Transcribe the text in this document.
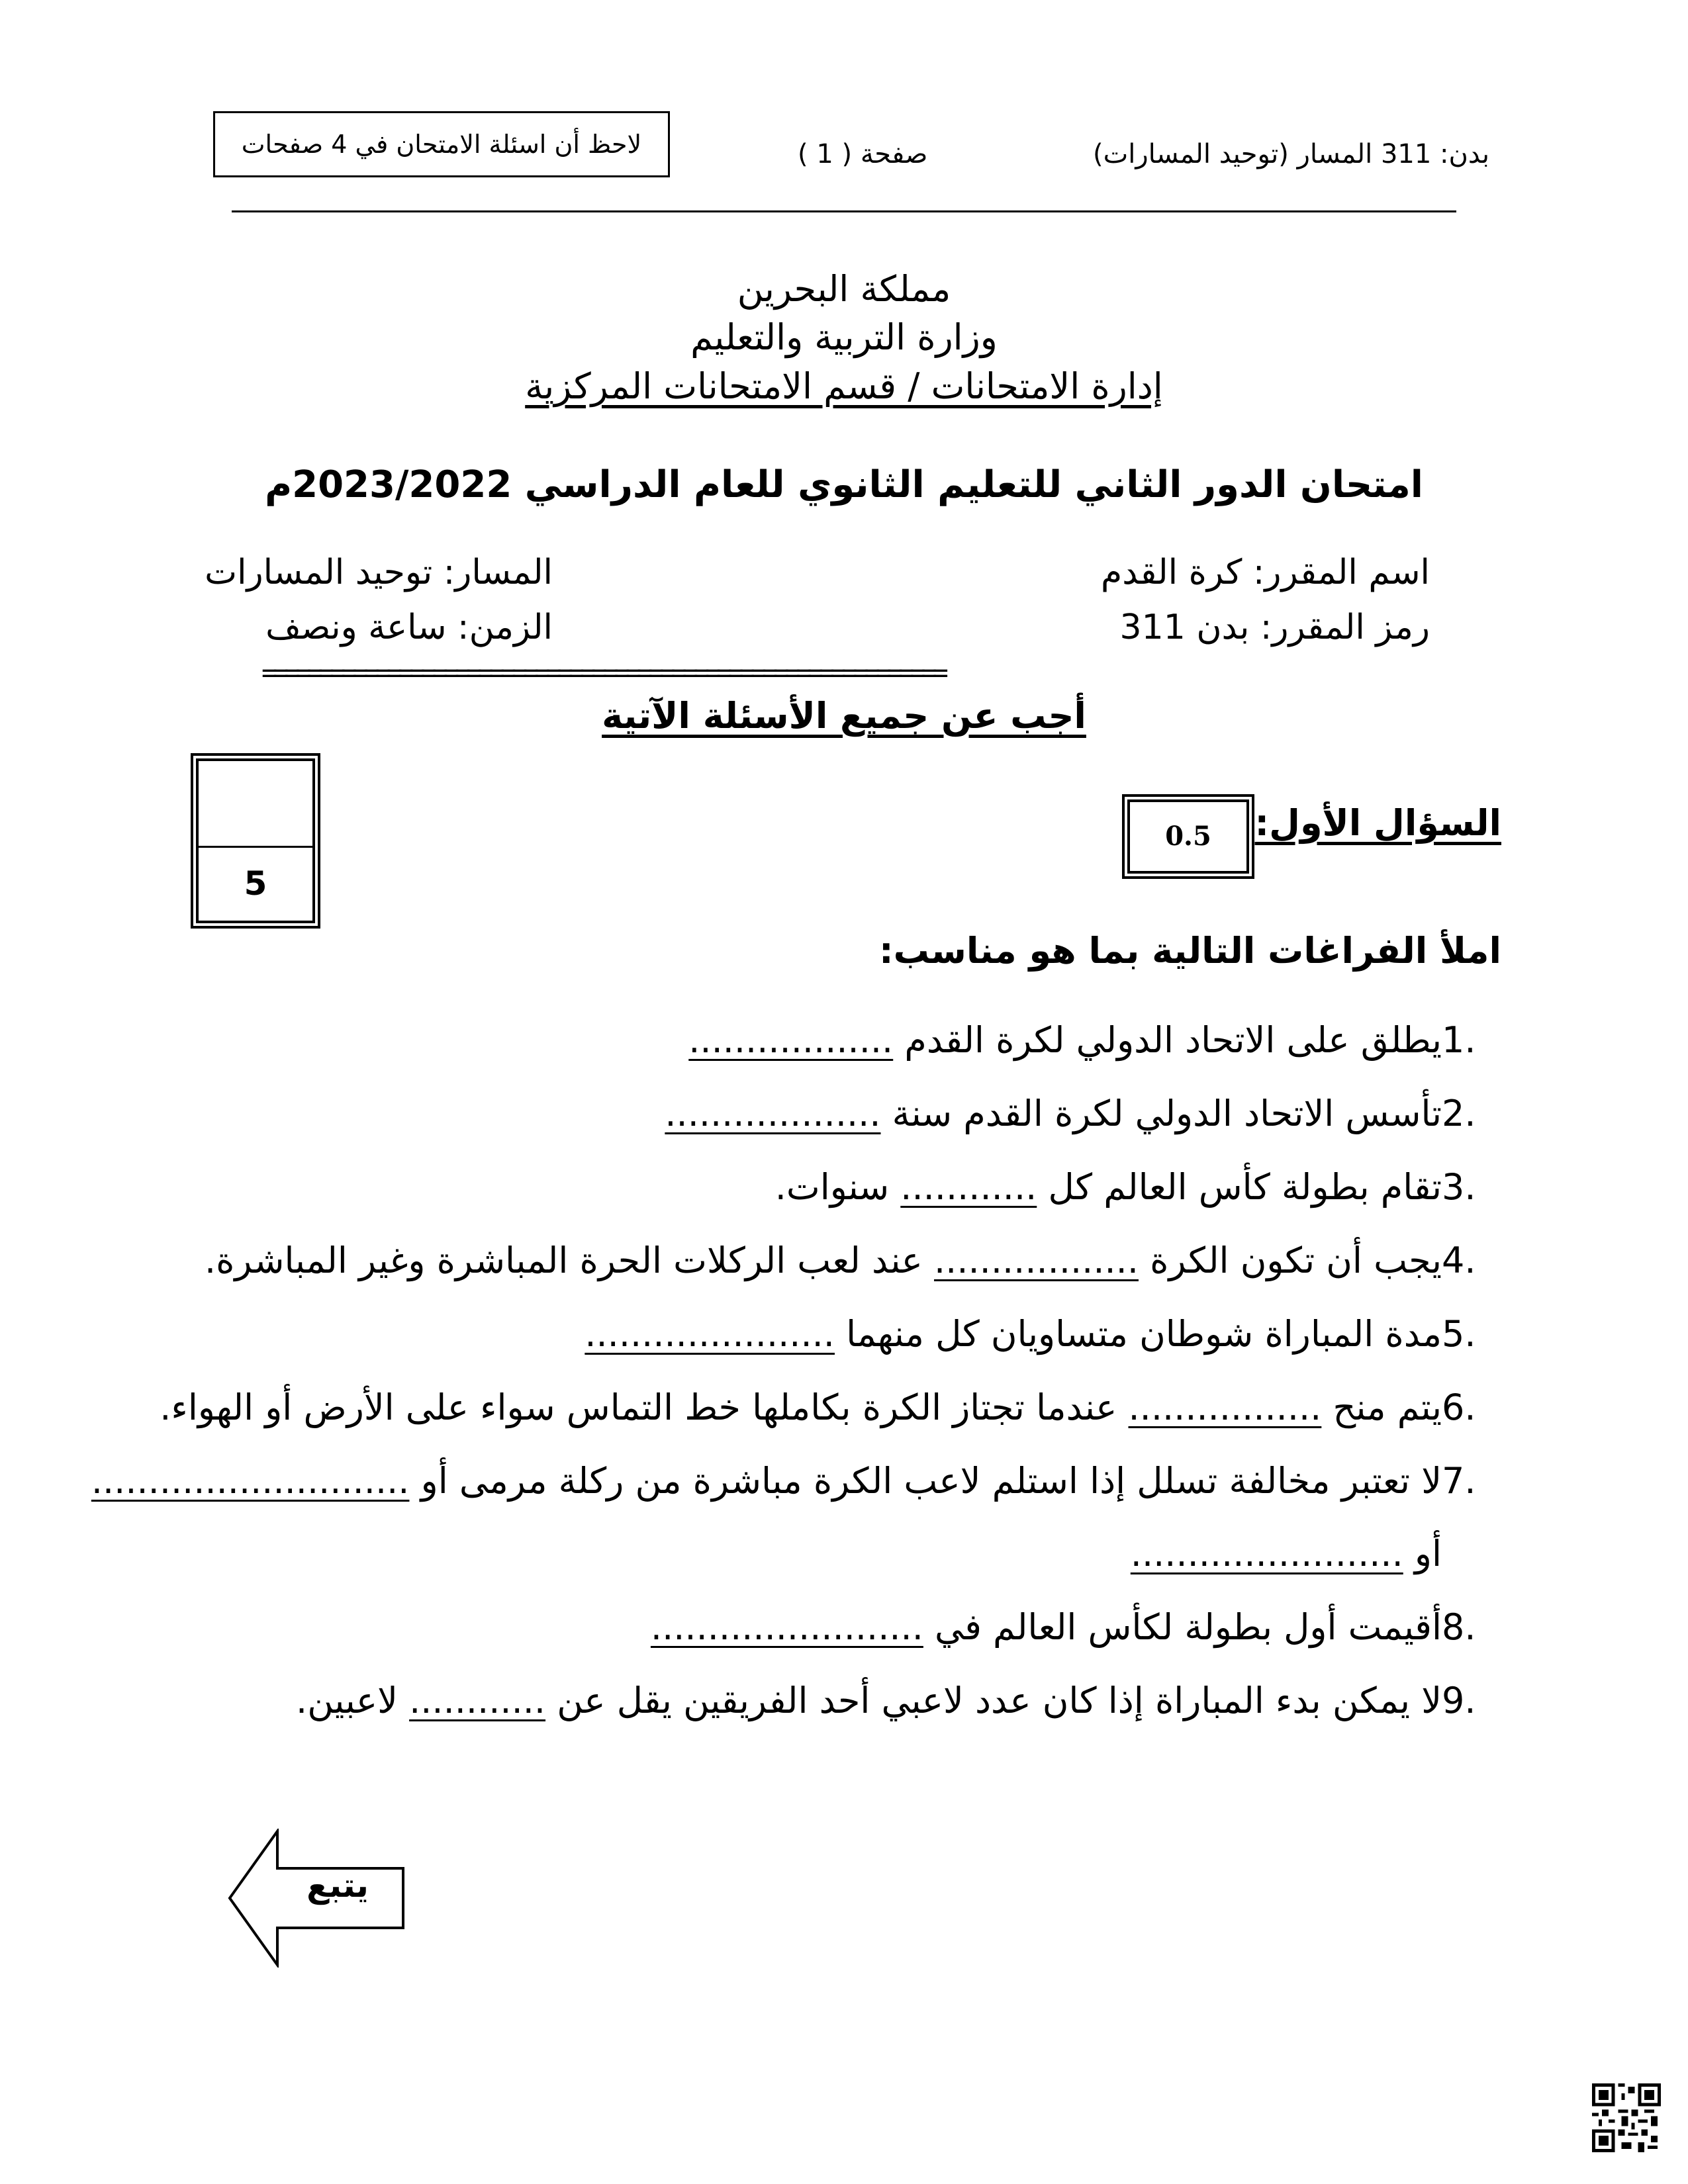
بدن: 311 المسار (توحيد المسارات)
صفحة ( 1 )
لاحظ أن اسئلة الامتحان في 4 صفحات
مملكة البحرين
وزارة التربية والتعليم
إدارة الامتحانات / قسم الامتحانات المركزية
امتحان الدور الثاني للتعليم الثانوي للعام الدراسي 2023/2022م
اسم المقرر: كرة القدم
رمز المقرر: بدن 311
المسار: توحيد المسارات
الزمن: ساعة ونصف
============================================================
أجب عن جميع الأسئلة الآتية
5
السؤال الأول:
0.5
املأ الفراغات التالية بما هو مناسب:
1.يطلق على الاتحاد الدولي لكرة القدم ..................
2.تأسس الاتحاد الدولي لكرة القدم سنة ...................
3.تقام بطولة كأس العالم كل ............ سنوات.
4.يجب أن تكون الكرة .................. عند لعب الركلات الحرة المباشرة وغير المباشرة.
5.مدة المباراة شوطان متساويان كل منهما ......................
6.يتم منح ................. عندما تجتاز الكرة بكاملها خط التماس سواء على الأرض أو الهواء.
7.لا تعتبر مخالفة تسلل إذا استلم لاعب الكرة مباشرة من ركلة مرمى أو ............................
أو ........................
8.أقيمت أول بطولة لكأس العالم في ........................
9.لا يمكن بدء المباراة إذا كان عدد لاعبي أحد الفريقين يقل عن ............ لاعبين.
يتبع
